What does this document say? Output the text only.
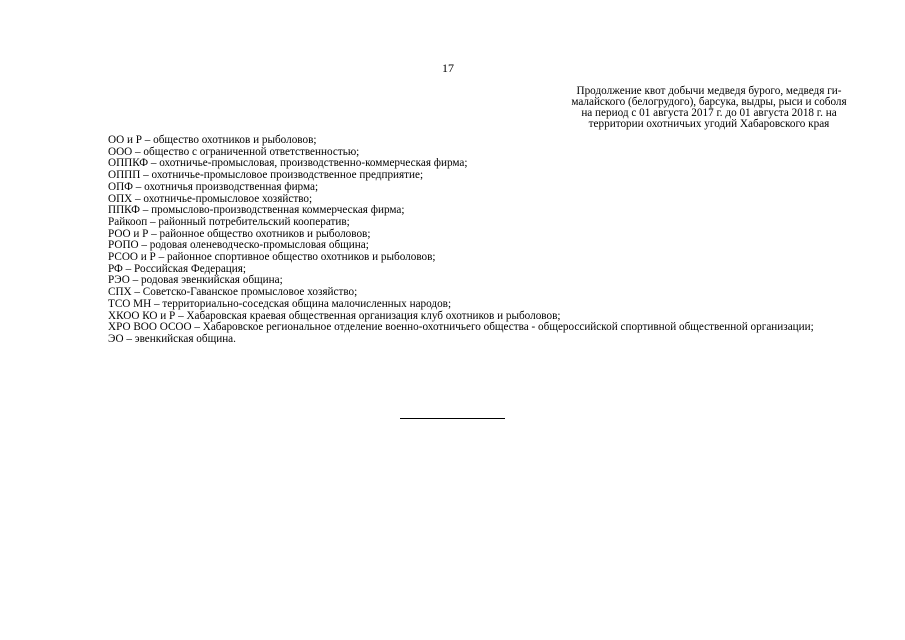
17
Продолжение квот добычи медведя бурого, медведя ги-
малайского (белогрудого), барсука, выдры, рыси и соболя
на период с 01 августа 2017 г. до 01 августа 2018 г. на
территории охотничьих угодий Хабаровского края
ОО и Р – общество охотников и рыболовов;
ООО – общество с ограниченной ответственностью;
ОППКФ – охотничье-промысловая, производственно-коммерческая фирма;
ОППП – охотничье-промысловое производственное предприятие;
ОПФ – охотничья производственная фирма;
ОПХ – охотничье-промысловое хозяйство;
ППКФ – промыслово-производственная коммерческая фирма;
Райкооп – районный потребительский кооператив;
РОО и Р – районное общество охотников и рыболовов;
РОПО – родовая оленеводческо-промысловая община;
РСОО и Р – районное спортивное общество охотников и рыболовов;
РФ – Российская Федерация;
РЭО – родовая эвенкийская община;
СПХ – Советско-Гаванское промысловое хозяйство;
ТСО МН – территориально-соседская община малочисленных народов;
ХКОО КО и Р – Хабаровская краевая общественная организация клуб охотников и рыболовов;
ХРО ВОО ОСОО – Хабаровское региональное отделение военно-охотничьего общества - общероссийской спортивной общественной организации;
ЭО – эвенкийская община.
